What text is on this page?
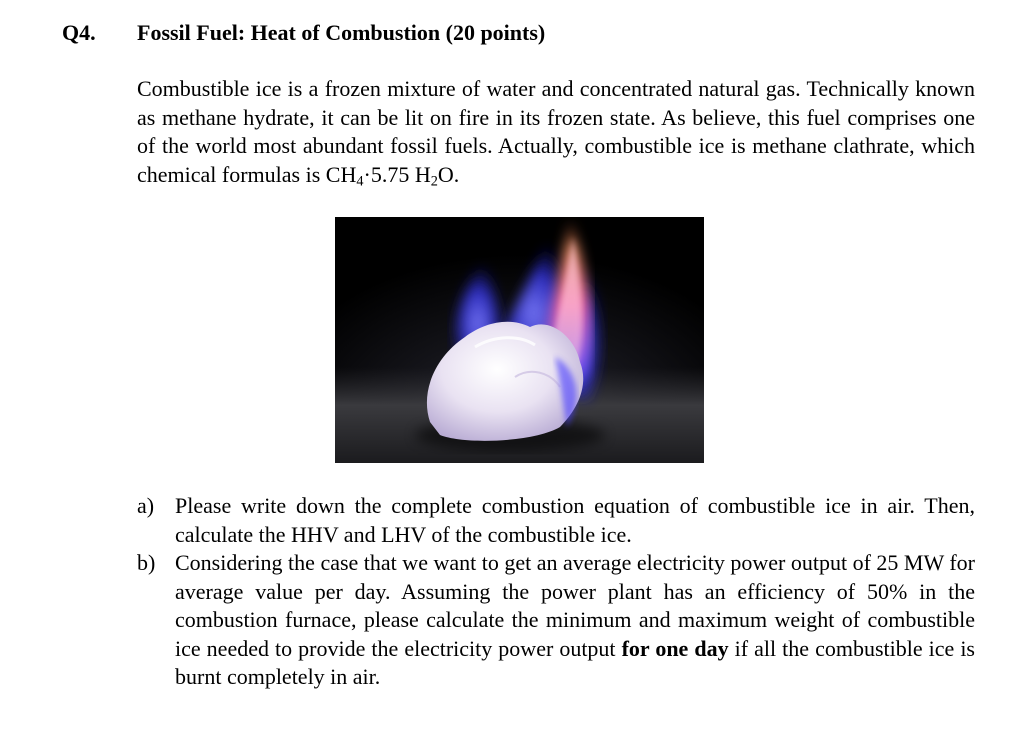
Q4. Fossil Fuel: Heat of Combustion (20 points)

Combustible ice is a frozen mixture of water and concentrated natural gas. Technically known as methane hydrate, it can be lit on fire in its frozen state. As believe, this fuel comprises one of the world most abundant fossil fuels. Actually, combustible ice is methane clathrate, which chemical formulas is $CH_4\cdot 5.75$ $H_2O$.

a) Please write down the complete combustion equation of combustible ice in air. Then, calculate the HHV and LHV of the combustible ice.
b) Considering the case that we want to get an average electricity power output of 25 MW for average value per day. Assuming the power plant has an efficiency of 50% in the combustion furnace, please calculate the minimum and maximum weight of combustible ice needed to provide the electricity power output for one day if all the combustible ice is burnt completely in air.
